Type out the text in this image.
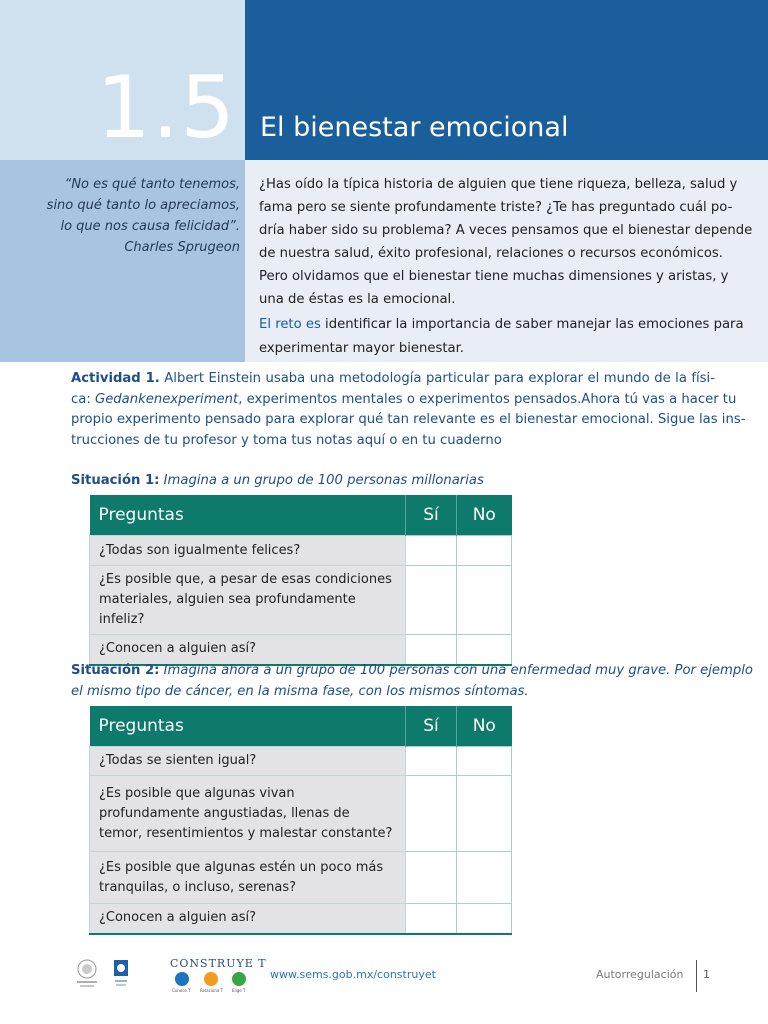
1.5 El bienestar emocional
“No es qué tanto tenemos,
sino qué tanto lo apreciamos,
lo que nos causa felicidad”.
Charles Sprugeon
¿Has oído la típica historia de alguien que tiene riqueza, belleza, salud y
fama pero se siente profundamente triste? ¿Te has preguntado cuál po-
dría haber sido su problema? A veces pensamos que el bienestar depende
de nuestra salud, éxito profesional, relaciones o recursos económicos.
Pero olvidamos que el bienestar tiene muchas dimensiones y aristas, y
una de éstas es la emocional.
El reto es identificar la importancia de saber manejar las emociones para
experimentar mayor bienestar.
Actividad 1. Albert Einstein usaba una metodología particular para explorar el mundo de la físi-
ca: Gedankenexperiment, experimentos mentales o experimentos pensados.Ahora tú vas a hacer tu
propio experimento pensado para explorar qué tan relevante es el bienestar emocional. Sigue las ins-
trucciones de tu profesor y toma tus notas aquí o en tu cuaderno
Situación 1: Imagina a un grupo de 100 personas millonarias
Preguntas	Sí	No
¿Todas son igualmente felices?		
¿Es posible que, a pesar de esas condiciones materiales, alguien sea profundamente infeliz?		
¿Conocen a alguien así?		
Situación 2: Imagina ahora a un grupo de 100 personas con una enfermedad muy grave. Por ejemplo
el mismo tipo de cáncer, en la misma fase, con los mismos síntomas.
Preguntas	Sí	No
¿Todas se sienten igual?		
¿Es posible que algunas vivan profundamente angustiadas, llenas de temor, resentimientos y malestar constante?		
¿Es posible que algunas estén un poco más tranquilas, o incluso, serenas?		
¿Conocen a alguien así?		
CONSTRUYE T
Conoce T Relaciona T Elige T
www.sems.gob.mx/construyet	Autorregulación 1
